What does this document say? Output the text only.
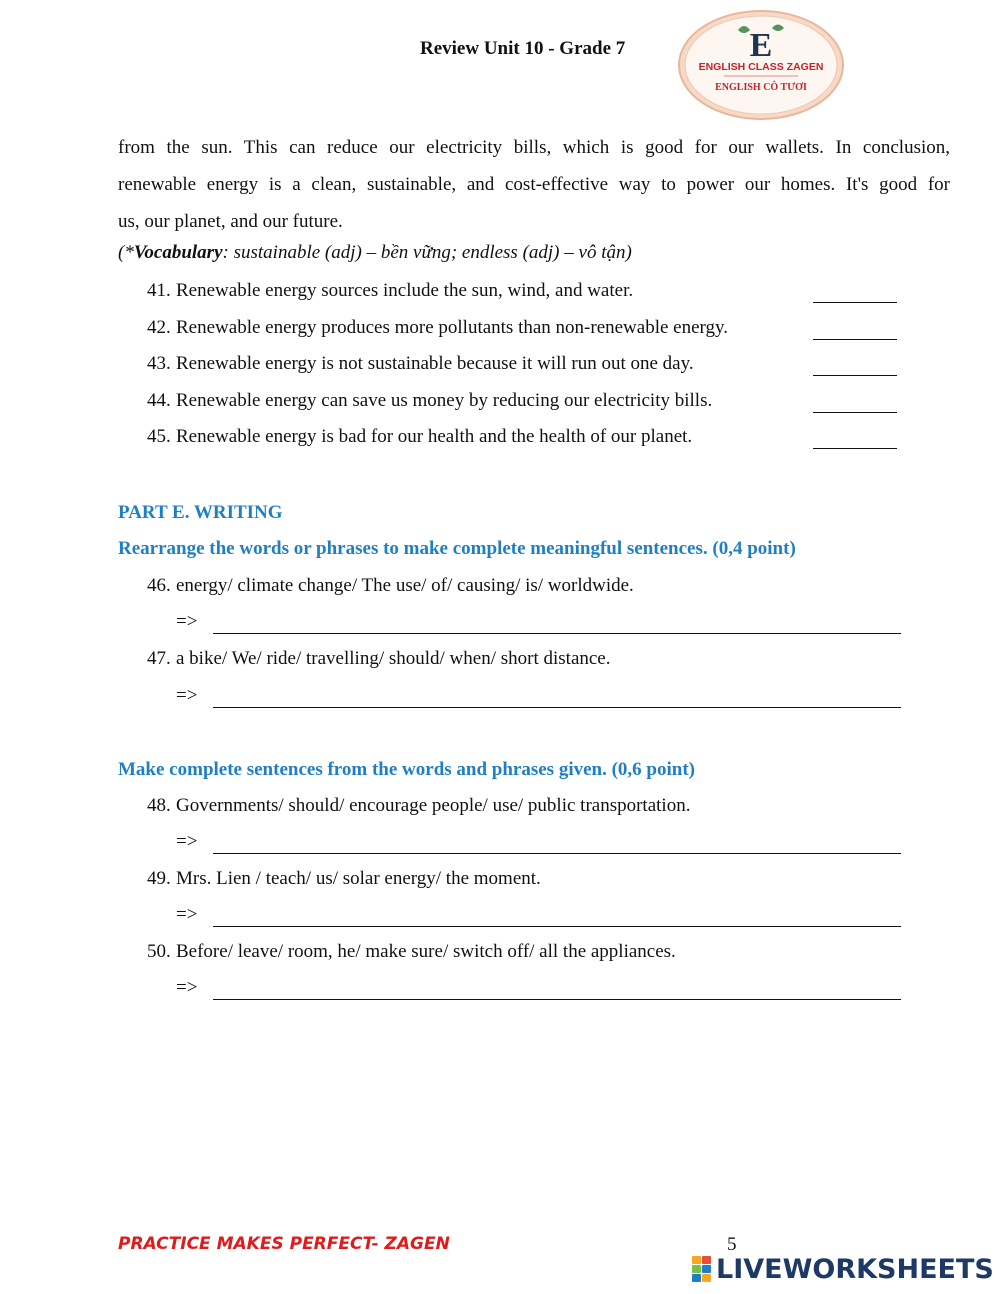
Review Unit 10 - Grade 7	E
ENGLISH CLASS ZAGEN
ENGLISH CÔ TƯƠI
from the sun. This can reduce our electricity bills, which is good for our wallets. In conclusion,
renewable energy is a clean, sustainable, and cost-effective way to power our homes. It's good for
us, our planet, and our future.
(*Vocabulary: sustainable (adj) – bền vững; endless (adj) – vô tận)
41. Renewable energy sources include the sun, wind, and water.
42. Renewable energy produces more pollutants than non-renewable energy.
43. Renewable energy is not sustainable because it will run out one day.
44. Renewable energy can save us money by reducing our electricity bills.
45. Renewable energy is bad for our health and the health of our planet.
PART E. WRITING
Rearrange the words or phrases to make complete meaningful sentences. (0,4 point)
46. energy/ climate change/ The use/ of/ causing/ is/ worldwide.
=>
47. a bike/ We/ ride/ travelling/ should/ when/ short distance.
=>
Make complete sentences from the words and phrases given. (0,6 point)
48. Governments/ should/ encourage people/ use/ public transportation.
=>
49. Mrs. Lien / teach/ us/ solar energy/ the moment.
=>
50. Before/ leave/ room, he/ make sure/ switch off/ all the appliances.
=>
PRACTICE MAKES PERFECT- ZAGEN	5
LIVEWORKSHEETS
